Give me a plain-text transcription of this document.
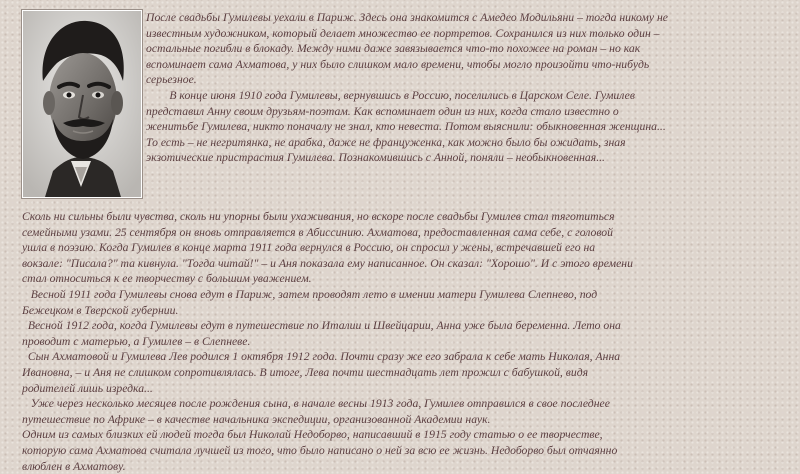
После свадьбы Гумилевы уехали в Париж. Здесь она знакомится с Амедео Модильяни – тогда никому не
известным художником, который делает множество ее портретов. Сохранился из них только один –
остальные погибли в блокаду. Между ними даже завязывается что-то похожее на роман – но как
вспоминает сама Ахматова, у них было слишком мало времени, чтобы могло произойти что-нибудь
серьезное.
В конце июня 1910 года Гумилевы, вернувшись в Россию, поселились в Царском Селе. Гумилев
представил Анну своим друзьям-поэтам. Как вспоминает один из них, когда стало известно о
женитьбе Гумилева, никто поначалу не знал, кто невеста. Потом выяснили: обыкновенная женщина...
То есть – не негритянка, не арабка, даже не француженка, как можно было бы ожидать, зная
экзотические пристрастия Гумилева. Познакомившись с Анной, поняли – необыкновенная...
Сколь ни сильны были чувства, сколь ни упорны были ухаживания, но вскоре после свадьбы Гумилев стал тяготиться
семейными узами. 25 сентября он вновь отправляется в Абиссинию. Ахматова, предоставленная сама себе, с головой
ушла в поэзию. Когда Гумилев в конце марта 1911 года вернулся в Россию, он спросил у жены, встречавшей его на
вокзале: "Писала?" та кивнула. "Тогда читай!" – и Аня показала ему написанное. Он сказал: "Хорошо". И с этого времени
стал относиться к ее творчеству с большим уважением.
Весной 1911 года Гумилевы снова едут в Париж, затем проводят лето в имении матери Гумилева Слепнево, под
Бежецком в Тверской губернии.
Весной 1912 года, когда Гумилевы едут в путешествие по Италии и Швейцарии, Анна уже была беременна. Лето она
проводит с матерью, а Гумилев – в Слепневе.
Сын Ахматовой и Гумилева Лев родился 1 октября 1912 года. Почти сразу же его забрала к себе мать Николая, Анна
Ивановна, – и Аня не слишком сопротивлялась. В итоге, Лева почти шестнадцать лет прожил с бабушкой, видя
родителей лишь изредка...
Уже через несколько месяцев после рождения сына, в начале весны 1913 года, Гумилев отправился в свое последнее
путешествие по Африке – в качестве начальника экспедиции, организованной Академии наук.
Одним из самых близких ей людей тогда был Николай Недоборво, написавший в 1915 году статью о ее творчестве,
которую сама Ахматова считала лучшей из того, что было написано о ней за всю ее жизнь. Недоборво был отчаянно
влюблен в Ахматову.
